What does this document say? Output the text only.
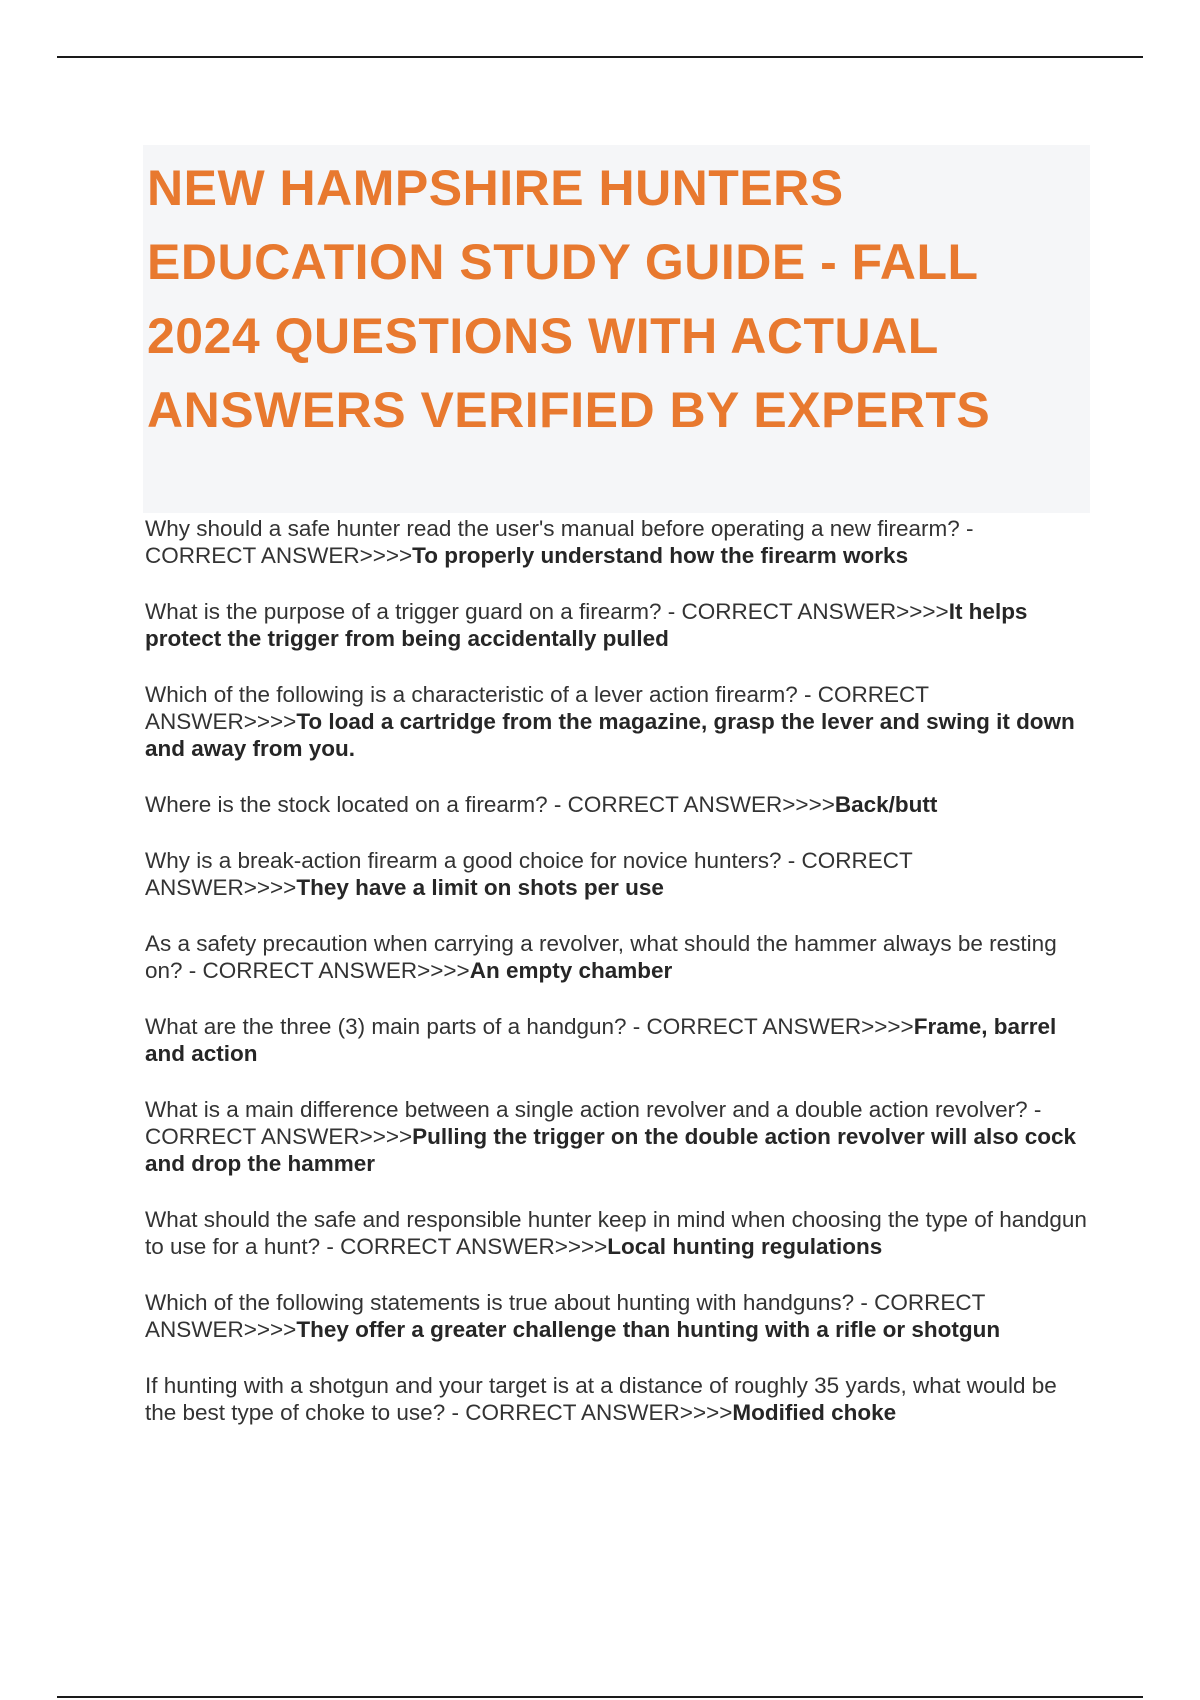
NEW HAMPSHIRE HUNTERS EDUCATION STUDY GUIDE - FALL 2024 QUESTIONS WITH ACTUAL ANSWERS VERIFIED BY EXPERTS

Why should a safe hunter read the user's manual before operating a new firearm? - CORRECT ANSWER>>>>To properly understand how the firearm works

What is the purpose of a trigger guard on a firearm? - CORRECT ANSWER>>>>It helps protect the trigger from being accidentally pulled

Which of the following is a characteristic of a lever action firearm? - CORRECT ANSWER>>>>To load a cartridge from the magazine, grasp the lever and swing it down and away from you.

Where is the stock located on a firearm? - CORRECT ANSWER>>>>Back/butt

Why is a break-action firearm a good choice for novice hunters? - CORRECT ANSWER>>>>They have a limit on shots per use

As a safety precaution when carrying a revolver, what should the hammer always be resting on? - CORRECT ANSWER>>>>An empty chamber

What are the three (3) main parts of a handgun? - CORRECT ANSWER>>>>Frame, barrel and action

What is a main difference between a single action revolver and a double action revolver? - CORRECT ANSWER>>>>Pulling the trigger on the double action revolver will also cock and drop the hammer

What should the safe and responsible hunter keep in mind when choosing the type of handgun to use for a hunt? - CORRECT ANSWER>>>>Local hunting regulations

Which of the following statements is true about hunting with handguns? - CORRECT ANSWER>>>>They offer a greater challenge than hunting with a rifle or shotgun

If hunting with a shotgun and your target is at a distance of roughly 35 yards, what would be the best type of choke to use? - CORRECT ANSWER>>>>Modified choke
